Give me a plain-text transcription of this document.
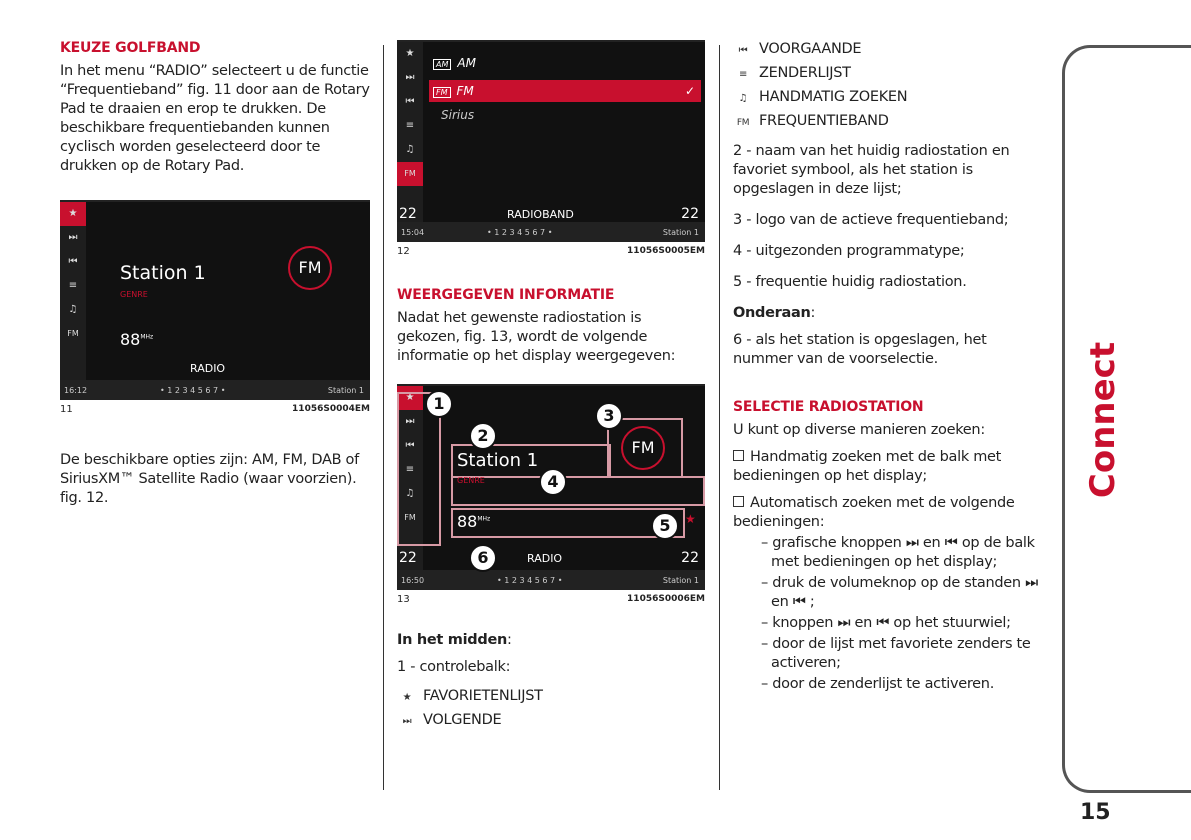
KEUZE GOLFBAND

In het menu “RADIO” selecteert u de functie “Frequentieband” fig. 11 door aan de Rotary Pad te draaien en erop te drukken. De beschikbare frequentiebanden kunnen cyclisch worden geselecteerd door te drukken op de Rotary Pad.

★
⏭
⏮
≡
♫
FM
Station 1
GENRE
FM
$88^{MHz}$
RADIO
16:12	• 1 2 3 4 5 6 7 •	Station 1
11	11056S0004EM

De beschikbare opties zijn: AM, FM, DAB of SiriusXM™ Satellite Radio (waar voorzien). fig. 12.

★
⏭
⏮
≡
♫
FM
AM AM
FM FM	✓
Sirius
22	22
RADIOBAND
15:04	• 1 2 3 4 5 6 7 •	Station 1
12	11056S0005EM
WEERGEGEVEN INFORMATIE

Nadat het gewenste radiostation is gekozen, fig. 13, wordt de volgende informatie op het display weergegeven:

★
⏭
⏮
≡
♫
FM
Station 1
GENRE
FM
$88^{MHz}$	★
22	22
RADIO
16:50	• 1 2 3 4 5 6 7 •	Station 1
1
2
3
4
5
6
13	11056S0006EM

In het midden:

1 - controlebalk:

★ FAVORIETENLIJST
⏭ VOLGENDE
⏮ VOORGAANDE
≡ ZENDERLIJST
♫ HANDMATIG ZOEKEN
FM FREQUENTIEBAND

2 - naam van het huidig radiostation en favoriet symbool, als het station is opgeslagen in deze lijst;

3 - logo van de actieve frequentieband;

4 - uitgezonden programmatype;

5 - frequentie huidig radiostation.

Onderaan:

6 - als het station is opgeslagen, het nummer van de voorselectie.

SELECTIE RADIOSTATION

U kunt op diverse manieren zoeken:

Handmatig zoeken met de balk met bedieningen op het display;

Automatisch zoeken met de volgende bedieningen:

– grafische knoppen ⏭ en ⏮ op de balk met bedieningen op het display;
– druk de volumeknop op de standen ⏭ en ⏮ ;
– knoppen ⏭ en ⏮ op het stuurwiel;
– door de lijst met favoriete zenders te activeren;
– door de zenderlijst te activeren.
Connect
15
